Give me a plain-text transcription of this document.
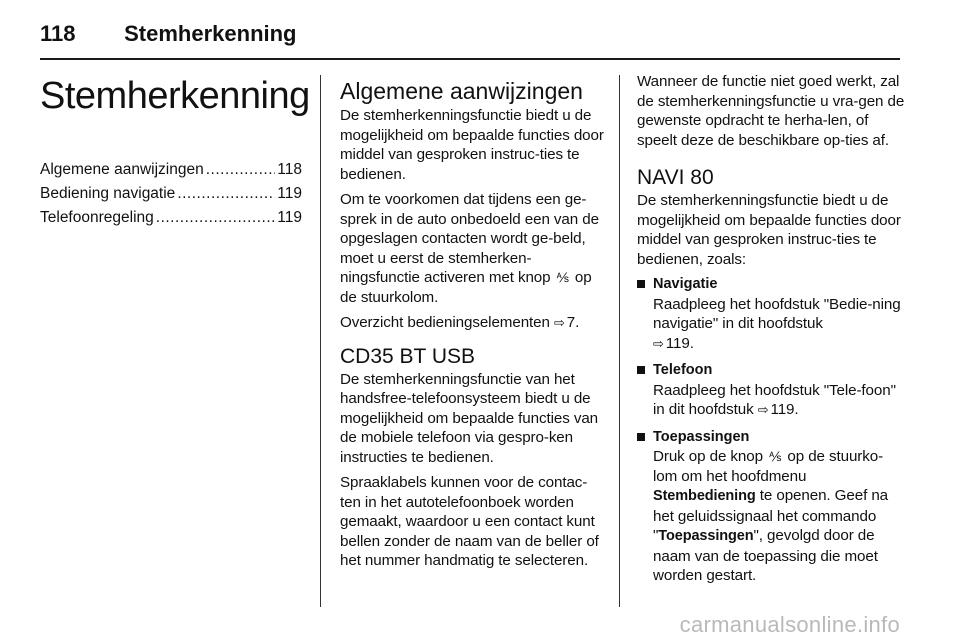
118 Stemherkenning
Stemherkenning
Algemene aanwijzingen .....	118
Bediening navigatie .....	119
Telefoonregeling .....	119
Algemene aanwijzingen

De stemherkenningsfunctie biedt u de mogelijkheid om bepaalde functies door middel van gesproken instruc-ties te bedienen.

Om te voorkomen dat tijdens een ge-sprek in de auto onbedoeld een van de opgeslagen contacten wordt ge-beld, moet u eerst de stemherken-ningsfunctie activeren met knop ⅍ op de stuurkolom.

Overzicht bedieningselementen ⇨ 7.

CD35 BT USB

De stemherkenningsfunctie van het handsfree-telefoonsysteem biedt u de mogelijkheid om bepaalde functies van de mobiele telefoon via gespro-ken instructies te bedienen.

Spraaklabels kunnen voor de contac-ten in het autotelefoonboek worden gemaakt, waardoor u een contact kunt bellen zonder de naam van de beller of het nummer handmatig te selecteren.

Wanneer de functie niet goed werkt, zal de stemherkenningsfunctie u vra-gen de gewenste opdracht te herha-len, of speelt deze de beschikbare op-ties af.

NAVI 80

De stemherkenningsfunctie biedt u de mogelijkheid om bepaalde functies door middel van gesproken instruc-ties te bedienen, zoals:

Navigatie

Raadpleeg het hoofdstuk "Bedie-ning navigatie" in dit hoofdstuk
⇨ 119.

Telefoon

Raadpleeg het hoofdstuk "Tele-foon" in dit hoofdstuk ⇨ 119.

Toepassingen

Druk op de knop ⅍ op de stuurko-lom om het hoofdmenu Stembediening te openen. Geef na het geluidssignaal het commando "Toepassingen", gevolgd door de naam van de toepassing die moet worden gestart.

carmanualsonline.info
